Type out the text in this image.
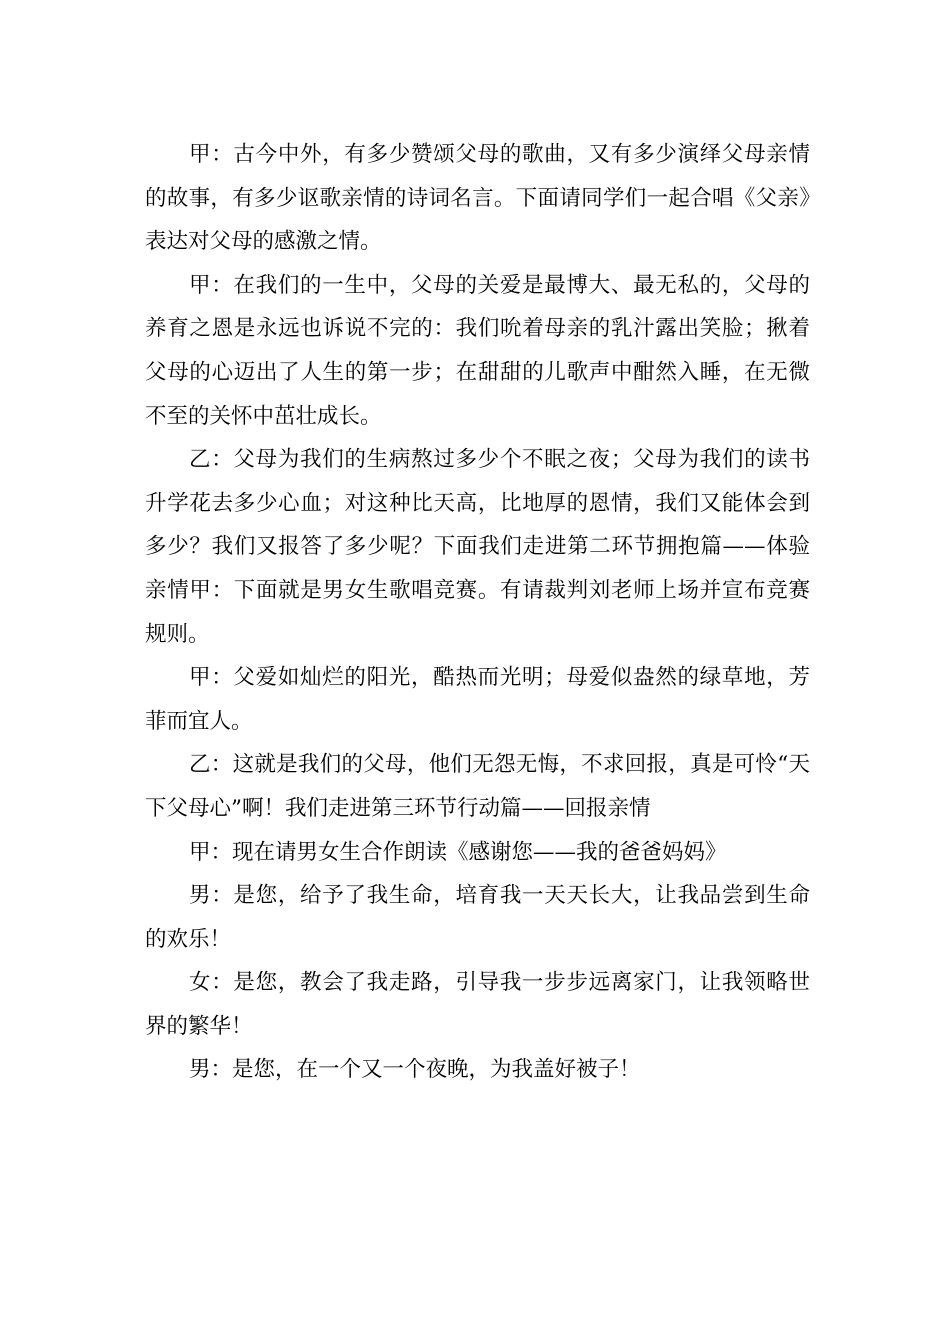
甲：古今中外，有多少赞颂父母的歌曲，又有多少演绎父母亲情的故事，有多少讴歌亲情的诗词名言。下面请同学们一起合唱《父亲》表达对父母的感激之情。

甲：在我们的一生中，父母的关爱是最博大、最无私的，父母的养育之恩是永远也诉说不完的：我们吮着母亲的乳汁露出笑脸；揪着父母的心迈出了人生的第一步；在甜甜的儿歌声中酣然入睡，在无微不至的关怀中茁壮成长。

乙：父母为我们的生病熬过多少个不眠之夜；父母为我们的读书升学花去多少心血；对这种比天高，比地厚的恩情，我们又能体会到多少？我们又报答了多少呢？下面我们走进第二环节拥抱篇——体验亲情甲：下面就是男女生歌唱竞赛。有请裁判刘老师上场并宣布竞赛规则。

甲：父爱如灿烂的阳光，酷热而光明；母爱似盎然的绿草地，芳菲而宜人。

乙：这就是我们的父母，他们无怨无悔，不求回报，真是可怜“天下父母心”啊！我们走进第三环节行动篇——回报亲情

甲：现在请男女生合作朗读《感谢您——我的爸爸妈妈》

男：是您，给予了我生命，培育我一天天长大，让我品尝到生命的欢乐！

女：是您，教会了我走路，引导我一步步远离家门，让我领略世界的繁华！

男：是您，在一个又一个夜晚，为我盖好被子！
